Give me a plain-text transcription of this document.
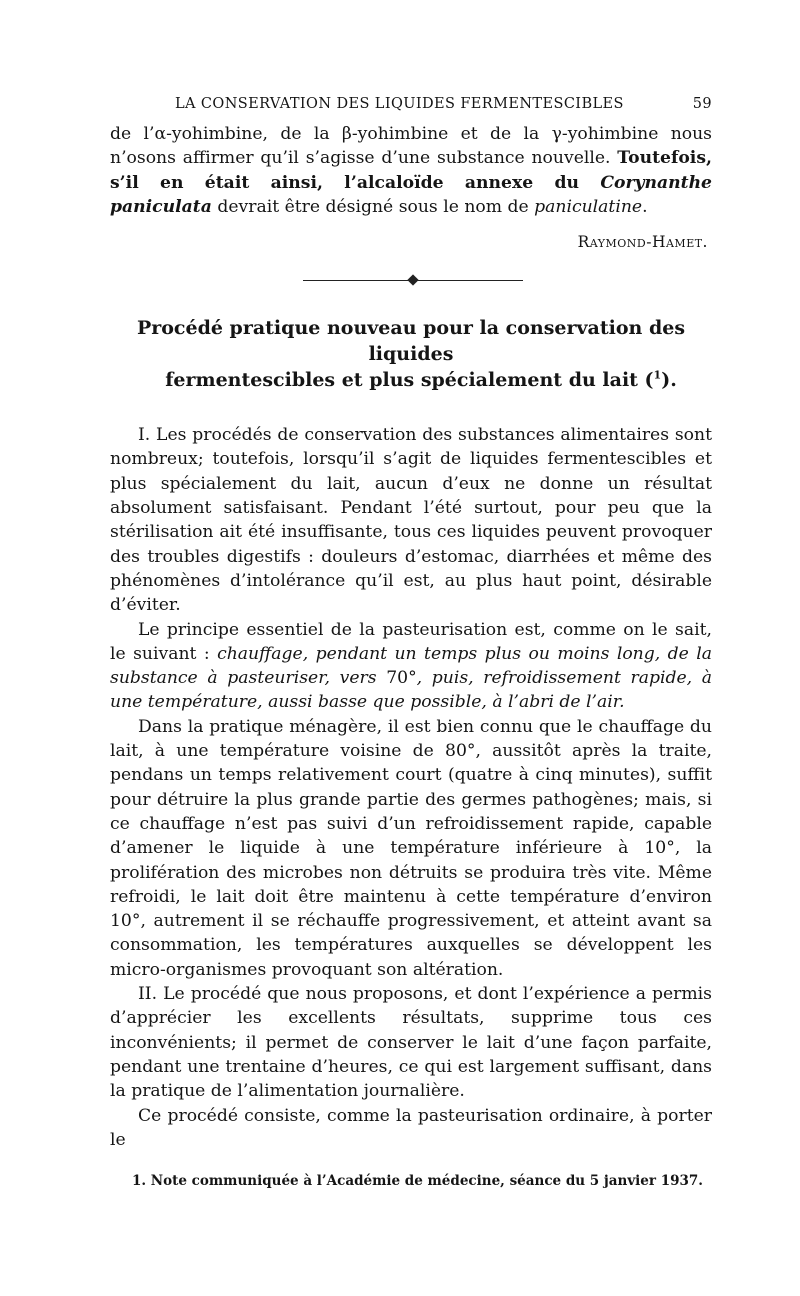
LA CONSERVATION DES LIQUIDES FERMENTESCIBLES	59

de l’α-yohimbine, de la β-yohimbine et de la γ-yohimbine nous n’osons affirmer qu’il s’agisse d’une substance nouvelle. Toutefois, s’il en était ainsi, l’alcaloïde annexe du Corynanthe paniculata devrait être désigné sous le nom de paniculatine.

Raymond-Hamet.
Procédé pratique nouveau pour la conservation des liquides
fermentescibles et plus spécialement du lait ($^1$).

I. Les procédés de conservation des substances alimentaires sont nombreux; toutefois, lorsqu’il s’agit de liquides fermentescibles et plus spécialement du lait, aucun d’eux ne donne un résultat absolument satisfaisant. Pendant l’été surtout, pour peu que la stérilisation ait été insuffisante, tous ces liquides peuvent provoquer des troubles digestifs : douleurs d’estomac, diarrhées et même des phénomènes d’intolérance qu’il est, au plus haut point, désirable d’éviter.

Le principe essentiel de la pasteurisation est, comme on le sait, le suivant : chauffage, pendant un temps plus ou moins long, de la substance à pasteuriser, vers 70°, puis, refroidissement rapide, à une température, aussi basse que possible, à l’abri de l’air.

Dans la pratique ménagère, il est bien connu que le chauffage du lait, à une température voisine de 80°, aussitôt après la traite, pendans un temps relativement court (quatre à cinq minutes), suffit pour détruire la plus grande partie des germes pathogènes; mais, si ce chauffage n’est pas suivi d’un refroidissement rapide, capable d’amener le liquide à une température inférieure à 10°, la prolifération des microbes non détruits se produira très vite. Même refroidi, le lait doit être maintenu à cette température d’environ 10°, autrement il se réchauffe progressivement, et atteint avant sa consommation, les températures auxquelles se développent les micro-organismes provoquant son altération.

II. Le procédé que nous proposons, et dont l’expérience a permis d’apprécier les excellents résultats, supprime tous ces inconvénients; il permet de conserver le lait d’une façon parfaite, pendant une trentaine d’heures, ce qui est largement suffisant, dans la pratique de l’alimentation journalière.

Ce procédé consiste, comme la pasteurisation ordinaire, à porter le

1. Note communiquée à l’Académie de médecine, séance du 5 janvier 1937.
